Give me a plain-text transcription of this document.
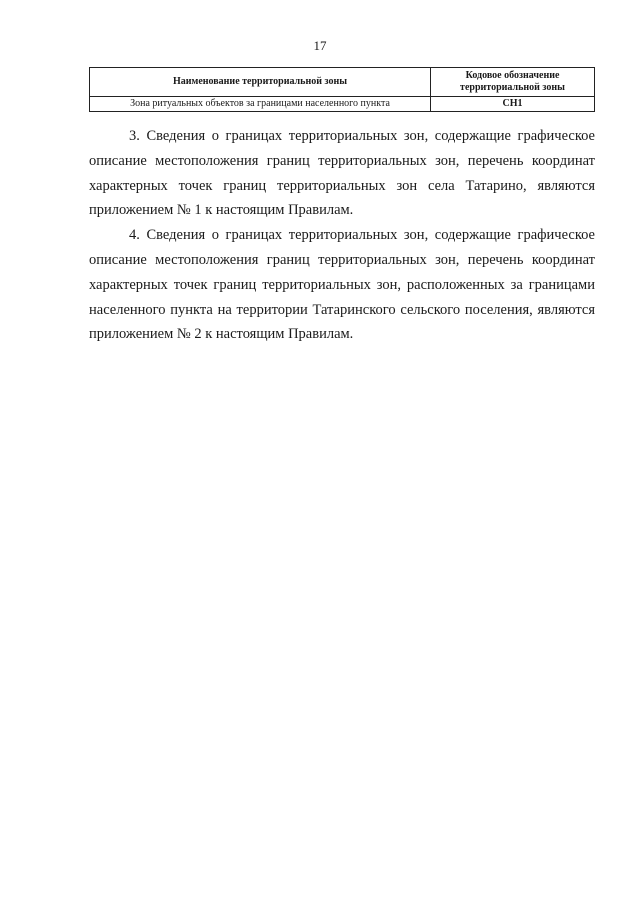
17
Наименование территориальной зоны	Кодовое обозначение территориальной зоны
Зона ритуальных объектов за границами населенного пункта	СН1

3. Сведения о границах территориальных зон, содержащие графическое описание местоположения границ территориальных зон, перечень координат характерных точек границ территориальных зон села Татарино, являются приложением № 1 к настоящим Правилам.

4. Сведения о границах территориальных зон, содержащие графическое описание местоположения границ территориальных зон, перечень координат характерных точек границ территориальных зон, расположенных за границами населенного пункта на территории Татаринского сельского поселения, являются приложением № 2 к настоящим Правилам.
